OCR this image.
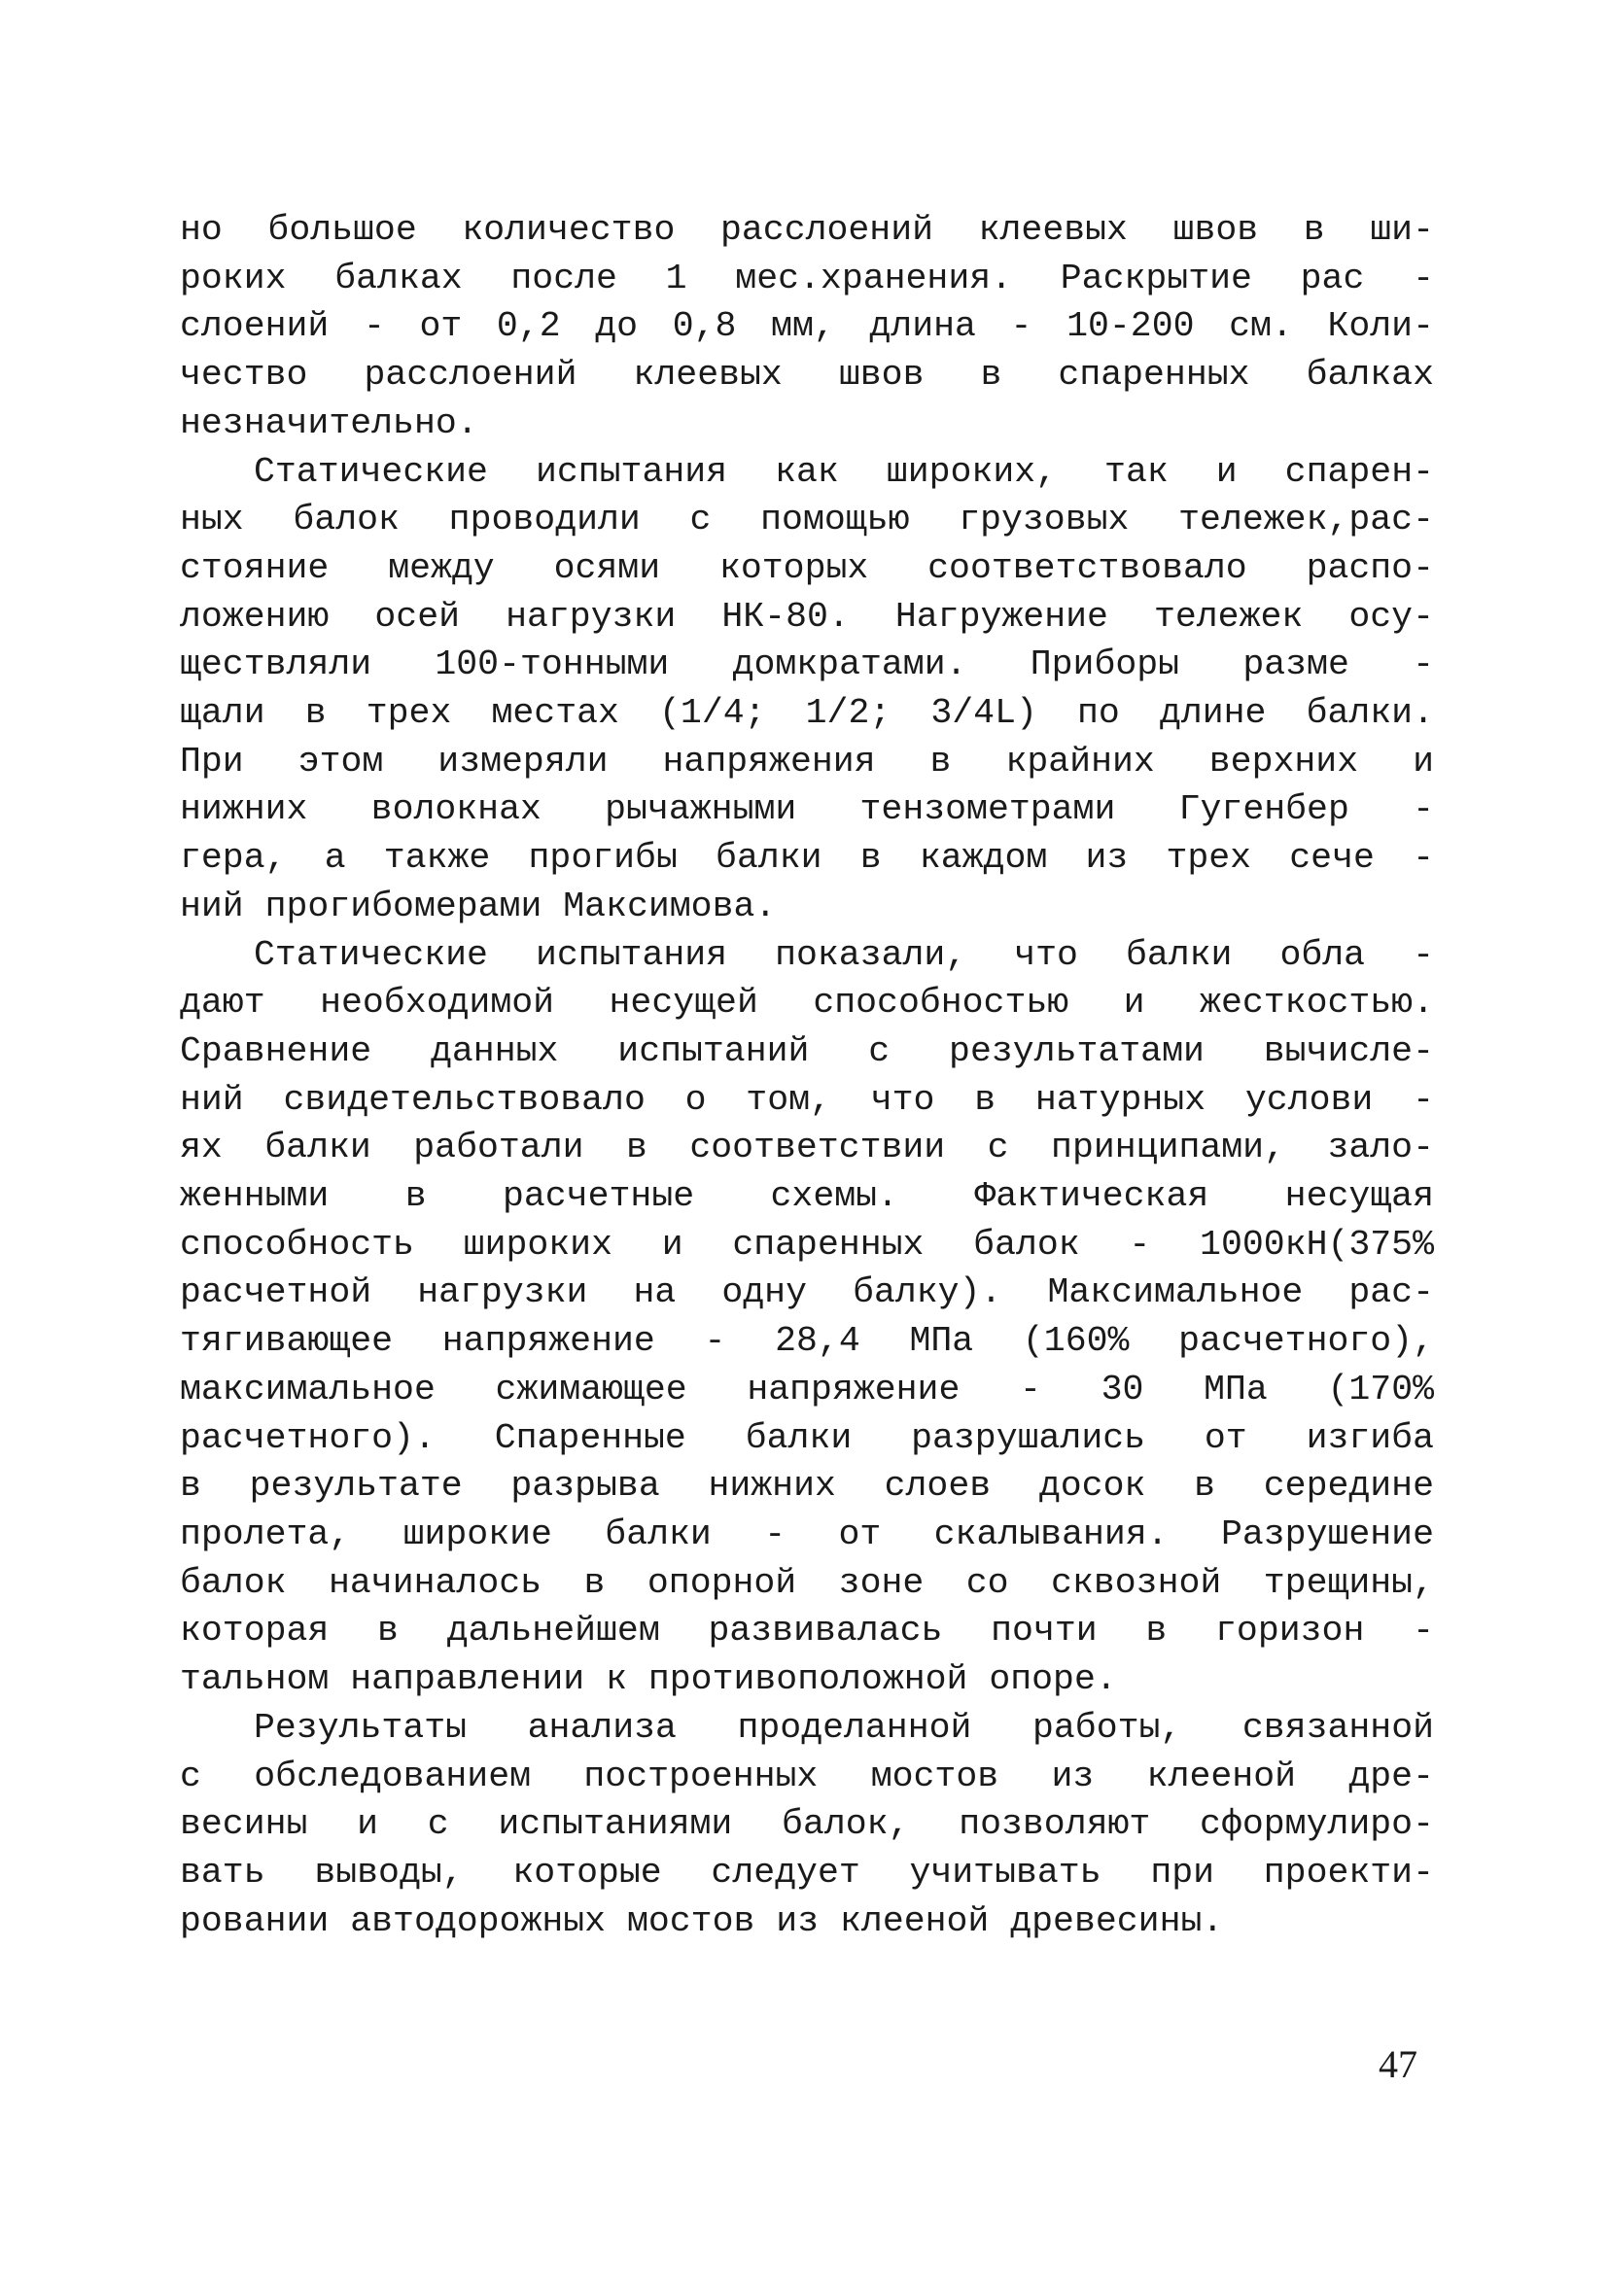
но большое количество расслоений клеевых швов в ши-
роких балках после 1 мес.хранения. Раскрытие рас -
слоений - от 0,2 до 0,8 мм, длина - 10-200 см. Коли-
чество расслоений клеевых швов в спаренных балках
незначительно.
Статические испытания как широких, так и спарен-
ных балок проводили с помощью грузовых тележек,рас-
стояние между осями которых соответствовало распо-
ложению осей нагрузки НК-80. Нагружение тележек осу-
ществляли 100-тонными домкратами. Приборы разме -
щали в трех местах (1/4; 1/2; 3/4L) по длине балки.
При этом измеряли напряжения в крайних верхних и
нижних волокнах рычажными тензометрами Гугенбер -
гера, а также прогибы балки в каждом из трех сече -
ний прогибомерами Максимова.
Статические испытания показали, что балки обла -
дают необходимой несущей способностью и жесткостью.
Сравнение данных испытаний с результатами вычисле-
ний свидетельствовало о том, что в натурных услови -
ях балки работали в соответствии с принципами, зало-
женными в расчетные схемы. Фактическая несущая
способность широких и спаренных балок - 1000кН(375%
расчетной нагрузки на одну балку). Максимальное рас-
тягивающее напряжение - 28,4 МПа (160% расчетного),
максимальное сжимающее напряжение - 30 МПа (170%
расчетного). Спаренные балки разрушались от изгиба
в результате разрыва нижних слоев досок в середине
пролета, широкие балки - от скалывания. Разрушение
балок начиналось в опорной зоне со сквозной трещины,
которая в дальнейшем развивалась почти в горизон -
тальном направлении к противоположной опоре.
Результаты анализа проделанной работы, связанной
с обследованием построенных мостов из клееной дре-
весины и с испытаниями балок, позволяют сформулиро-
вать выводы, которые следует учитывать при проекти-
ровании автодорожных мостов из клееной древесины.
47
